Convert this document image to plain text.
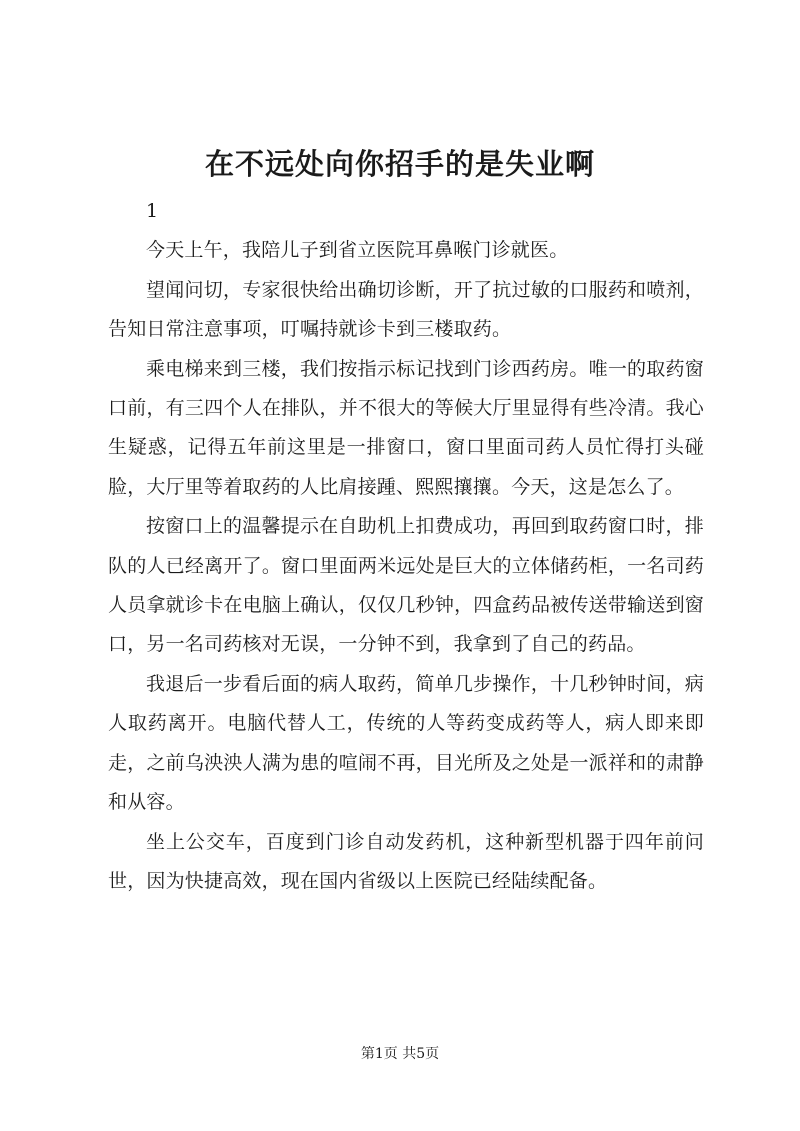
在不远处向你招手的是失业啊

1

今天上午，我陪儿子到省立医院耳鼻喉门诊就医。

望闻问切，专家很快给出确切诊断，开了抗过敏的口服药和喷剂，告知日常注意事项，叮嘱持就诊卡到三楼取药。

乘电梯来到三楼，我们按指示标记找到门诊西药房。唯一的取药窗口前，有三四个人在排队，并不很大的等候大厅里显得有些冷清。我心生疑惑，记得五年前这里是一排窗口，窗口里面司药人员忙得打头碰脸，大厅里等着取药的人比肩接踵、熙熙攘攘。今天，这是怎么了。

按窗口上的温馨提示在自助机上扣费成功，再回到取药窗口时，排队的人已经离开了。窗口里面两米远处是巨大的立体储药柜，一名司药人员拿就诊卡在电脑上确认，仅仅几秒钟，四盒药品被传送带输送到窗口，另一名司药核对无误，一分钟不到，我拿到了自己的药品。

我退后一步看后面的病人取药，简单几步操作，十几秒钟时间，病人取药离开。电脑代替人工，传统的人等药变成药等人，病人即来即走，之前乌泱泱人满为患的喧闹不再，目光所及之处是一派祥和的肃静和从容。

坐上公交车，百度到门诊自动发药机，这种新型机器于四年前问世，因为快捷高效，现在国内省级以上医院已经陆续配备。

第1页 共5页
